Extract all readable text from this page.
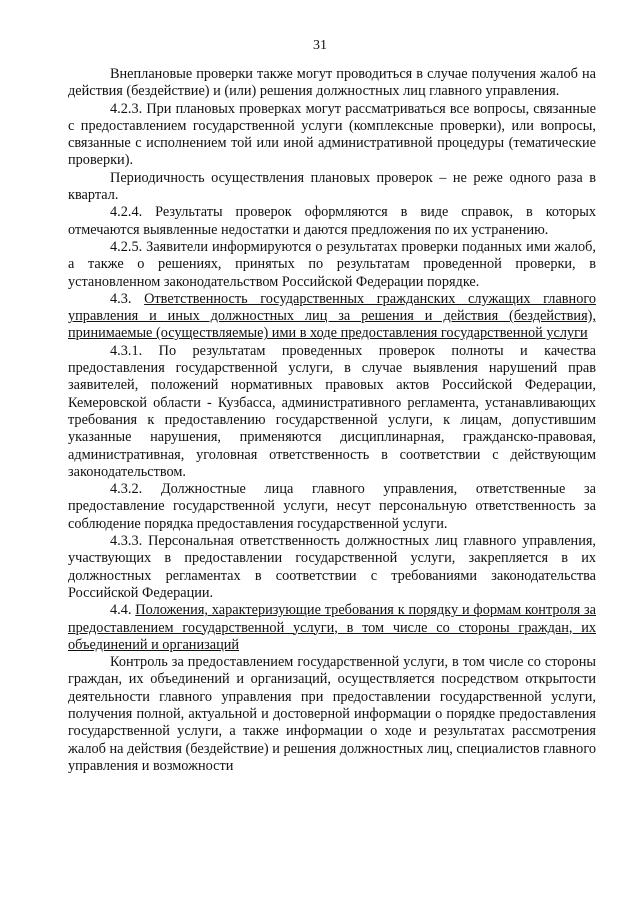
31

Внеплановые проверки также могут проводиться в случае получения жалоб на действия (бездействие) и (или) решения должностных лиц главного управления.

4.2.3. При плановых проверках могут рассматриваться все вопросы, связанные с предоставлением государственной услуги (комплексные проверки), или вопросы, связанные с исполнением той или иной административной процедуры (тематические проверки).

Периодичность осуществления плановых проверок – не реже одного раза в квартал.

4.2.4. Результаты проверок оформляются в виде справок, в которых отмечаются выявленные недостатки и даются предложения по их устранению.

4.2.5. Заявители информируются о результатах проверки поданных ими жалоб, а также о решениях, принятых по результатам проведенной проверки, в установленном законодательством Российской Федерации порядке.

4.3. Ответственность государственных гражданских служащих главного управления и иных должностных лиц за решения и действия (бездействия), принимаемые (осуществляемые) ими в ходе предоставления государственной услуги

4.3.1. По результатам проведенных проверок полноты и качества предоставления государственной услуги, в случае выявления нарушений прав заявителей, положений нормативных правовых актов Российской Федерации, Кемеровской области - Кузбасса, административного регламента, устанавливающих требования к предоставлению государственной услуги, к лицам, допустившим указанные нарушения, применяются дисциплинарная, гражданско-правовая, административная, уголовная ответственность в соответствии с действующим законодательством.

4.3.2. Должностные лица главного управления, ответственные за предоставление государственной услуги, несут персональную ответственность за соблюдение порядка предоставления государственной услуги.

4.3.3. Персональная ответственность должностных лиц главного управления, участвующих в предоставлении государственной услуги, закрепляется в их должностных регламентах в соответствии с требованиями законодательства Российской Федерации.

4.4. Положения, характеризующие требования к порядку и формам контроля за предоставлением государственной услуги, в том числе со стороны граждан, их объединений и организаций

Контроль за предоставлением государственной услуги, в том числе со стороны граждан, их объединений и организаций, осуществляется посредством открытости деятельности главного управления при предоставлении государственной услуги, получения полной, актуальной и достоверной информации о порядке предоставления государственной услуги, а также информации о ходе и результатах рассмотрения жалоб на действия (бездействие) и решения должностных лиц, специалистов главного управления и возможности
